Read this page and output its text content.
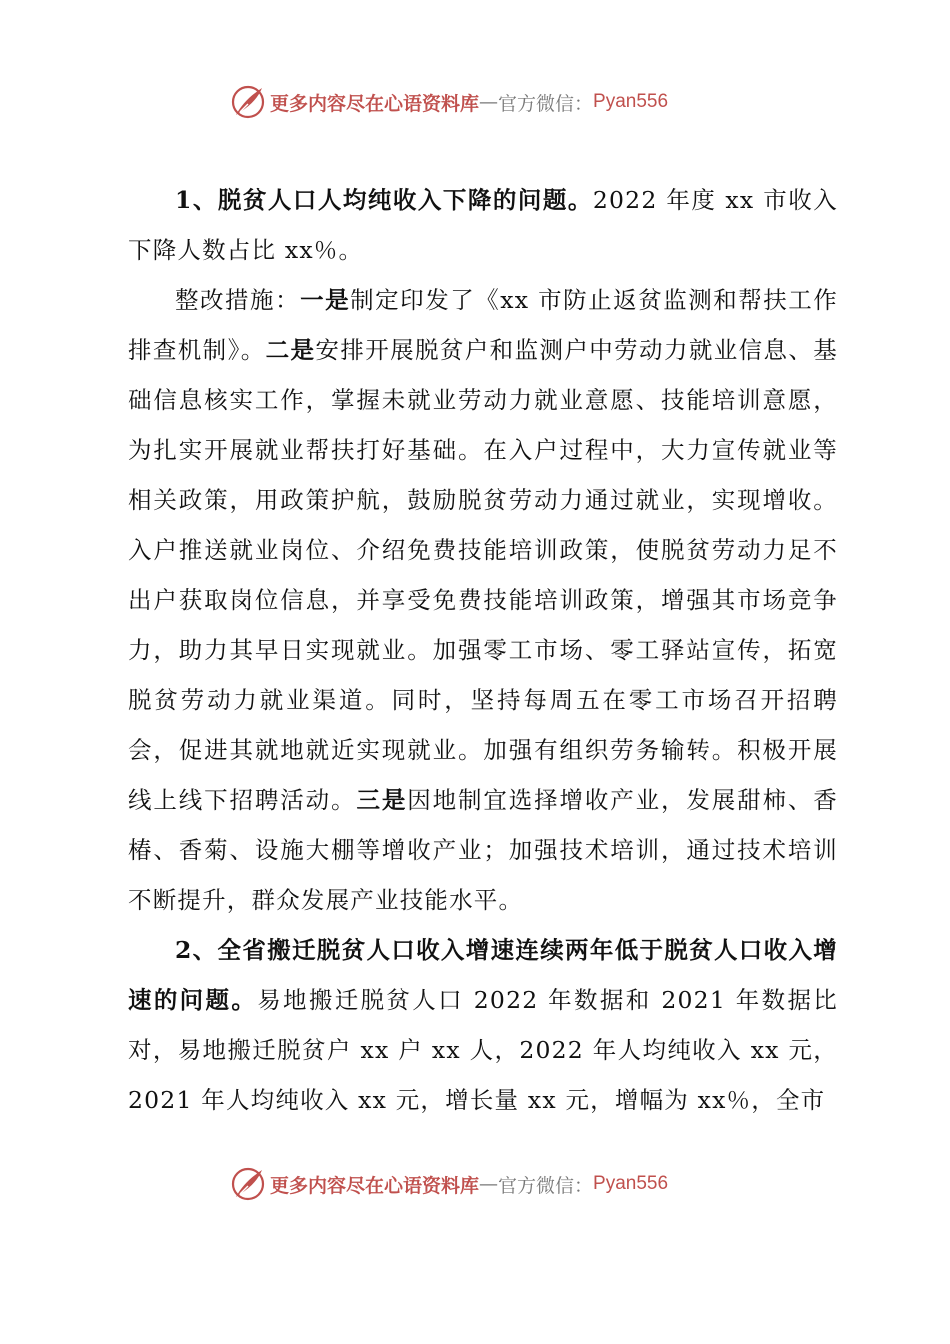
更多内容尽在心语资料库 — 官方微信： Pyan556

1、脱贫人口人均纯收入下降的问题。2022 年度 xx 市收入下降人数占比 xx％。

整改措施：一是制定印发了《xx 市防止返贫监测和帮扶工作排查机制》。二是安排开展脱贫户和监测户中劳动力就业信息、基础信息核实工作，掌握未就业劳动力就业意愿、技能培训意愿，为扎实开展就业帮扶打好基础。在入户过程中，大力宣传就业等相关政策，用政策护航，鼓励脱贫劳动力通过就业，实现增收。入户推送就业岗位、介绍免费技能培训政策，使脱贫劳动力足不出户获取岗位信息，并享受免费技能培训政策，增强其市场竞争力，助力其早日实现就业。加强零工市场、零工驿站宣传，拓宽脱贫劳动力就业渠道。同时，坚持每周五在零工市场召开招聘会，促进其就地就近实现就业。加强有组织劳务输转。积极开展线上线下招聘活动。三是因地制宜选择增收产业，发展甜柿、香椿、香菊、设施大棚等增收产业；加强技术培训，通过技术培训不断提升，群众发展产业技能水平。

2、全省搬迁脱贫人口收入增速连续两年低于脱贫人口收入增速的问题。易地搬迁脱贫人口 2022 年数据和 2021 年数据比对，易地搬迁脱贫户 xx 户 xx 人，2022 年人均纯收入 xx 元，2021 年人均纯收入 xx 元，增长量 xx 元，增幅为 xx％，全市

更多内容尽在心语资料库 — 官方微信： Pyan556
